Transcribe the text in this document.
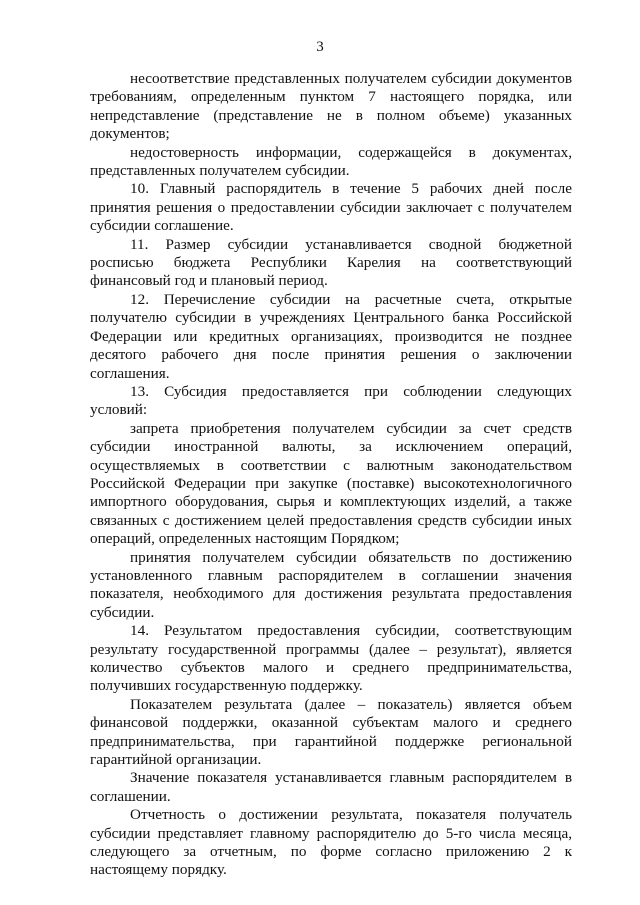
3

несоответствие представленных получателем субсидии документов требованиям, определенным пунктом 7 настоящего порядка, или непредставление (представление не в полном объеме) указанных документов;

недостоверность информации, содержащейся в документах, представленных получателем субсидии.

10. Главный распорядитель в течение 5 рабочих дней после принятия решения о предоставлении субсидии заключает с получателем субсидии соглашение.

11. Размер субсидии устанавливается сводной бюджетной росписью бюджета Республики Карелия на соответствующий финансовый год и плановый период.

12. Перечисление субсидии на расчетные счета, открытые получателю субсидии в учреждениях Центрального банка Российской Федерации или кредитных организациях, производится не позднее десятого рабочего дня после принятия решения о заключении соглашения.

13. Субсидия предоставляется при соблюдении следующих условий:

запрета приобретения получателем субсидии за счет средств субсидии иностранной валюты, за исключением операций, осуществляемых в соответствии с валютным законодательством Российской Федерации при закупке (поставке) высокотехнологичного импортного оборудования, сырья и комплектующих изделий, а также связанных с достижением целей предоставления средств субсидии иных операций, определенных настоящим Порядком;

принятия получателем субсидии обязательств по достижению установленного главным распорядителем в соглашении значения показателя, необходимого для достижения результата предоставления субсидии.

14. Результатом предоставления субсидии, соответствующим результату государственной программы (далее – результат), является количество субъектов малого и среднего предпринимательства, получивших государственную поддержку.

Показателем результата (далее – показатель) является объем финансовой поддержки, оказанной субъектам малого и среднего предпринимательства, при гарантийной поддержке региональной гарантийной организации.

Значение показателя устанавливается главным распорядителем в соглашении.

Отчетность о достижении результата, показателя получатель субсидии представляет главному распорядителю до 5-го числа месяца, следующего за отчетным, по форме согласно приложению 2 к настоящему порядку.
